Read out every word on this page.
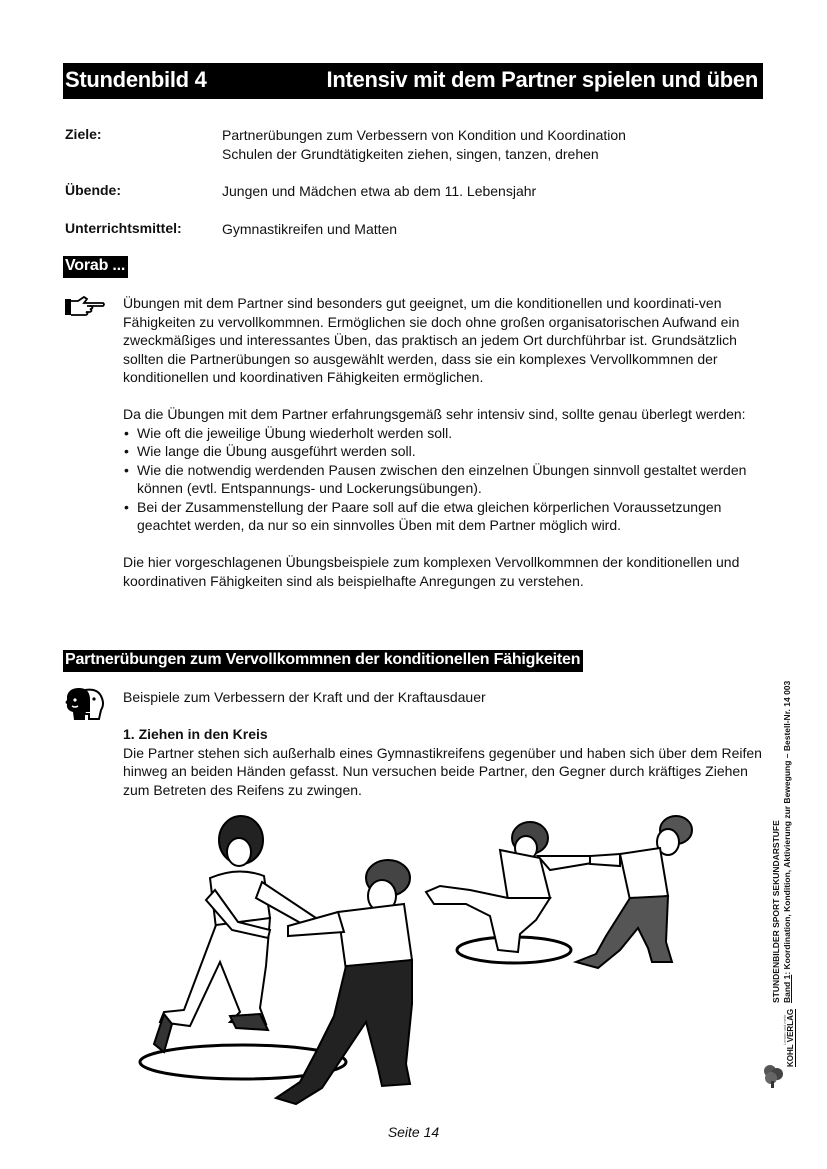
Stundenbild 4	Intensiv mit dem Partner spielen und üben
Ziele:	Partnerübungen zum Verbessern von Kondition und Koordination
Schulen der Grundtätigkeiten ziehen, singen, tanzen, drehen
Übende:	Jungen und Mädchen etwa ab dem 11. Lebensjahr
Unterrichtsmittel:	Gymnastikreifen und Matten
Vorab ...

Übungen mit dem Partner sind besonders gut geeignet, um die konditionellen und koordinati-ven Fähigkeiten zu vervollkommnen. Ermöglichen sie doch ohne großen organisatorischen Aufwand ein zweckmäßiges und interessantes Üben, das praktisch an jedem Ort durchführbar ist. Grundsätzlich sollten die Partnerübungen so ausgewählt werden, dass sie ein komplexes Vervollkommnen der konditionellen und koordinativen Fähigkeiten ermöglichen.

Da die Übungen mit dem Partner erfahrungsgemäß sehr intensiv sind, sollte genau überlegt werden:

• Wie oft die jeweilige Übung wiederholt werden soll.
• Wie lange die Übung ausgeführt werden soll.
• Wie die notwendig werdenden Pausen zwischen den einzelnen Übungen sinnvoll gestaltet werden können (evtl. Entspannungs- und Lockerungsübungen).
• Bei der Zusammenstellung der Paare soll auf die etwa gleichen körperlichen Voraussetzungen geachtet werden, da nur so ein sinnvolles Üben mit dem Partner möglich wird.

Die hier vorgeschlagenen Übungsbeispiele zum komplexen Vervollkommnen der konditionellen und koordinativen Fähigkeiten sind als beispielhafte Anregungen zu verstehen.

Partnerübungen zum Vervollkommnen der konditionellen Fähigkeiten

Beispiele zum Verbessern der Kraft und der Kraftausdauer

1. Ziehen in den Kreis

Die Partner stehen sich außerhalb eines Gymnastikreifens gegenüber und haben sich über dem Reifen hinweg an beiden Händen gefasst. Nun versuchen beide Partner, den Gegner durch kräftiges Ziehen zum Betreten des Reifens zu zwingen.

STUNDENBILDER SPORT SEKUNDARSTUFE Band 1: Koordination, Kondition, Aktivierung zur Bewegung – Bestell-Nr. 14 003
Lernen und mehr KOHL VERLAG
Seite 14
